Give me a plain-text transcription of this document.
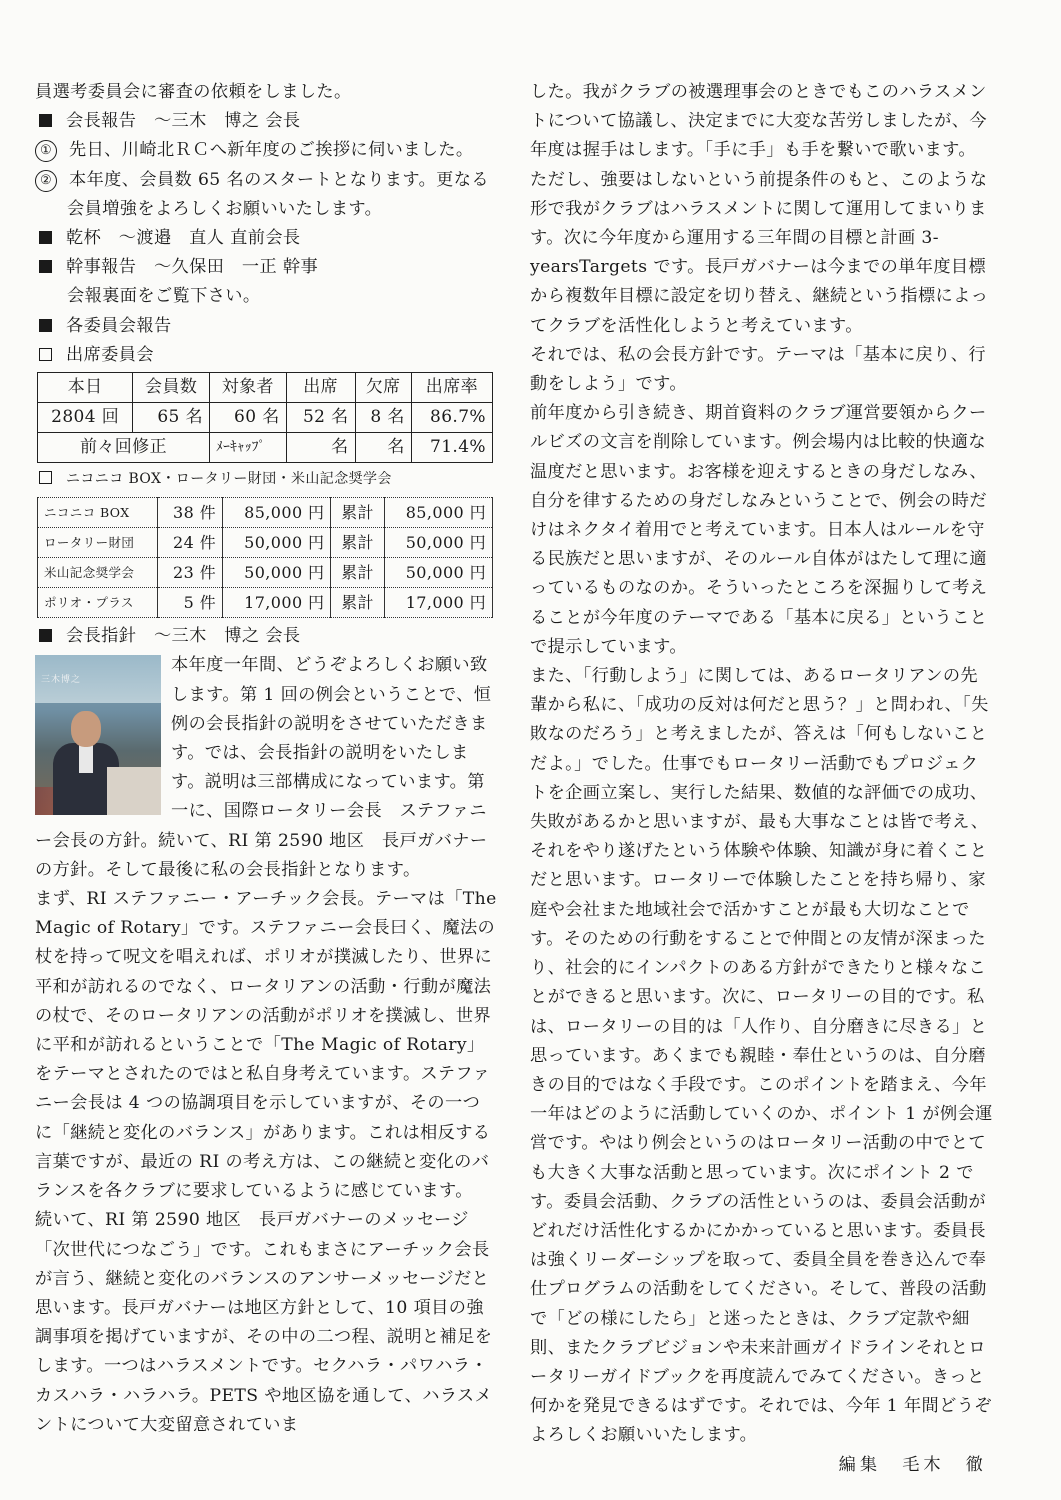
員選考委員会に審査の依頼をしました。

会長報告　～三木　博之 会長

① 先日、川崎北ＲＣへ新年度のご挨拶に伺いました。

② 本年度、会員数 65 名のスタートとなります。更なる会員増強をよろしくお願いいたします。

乾杯　～渡邉　直人 直前会長

幹事報告　～久保田　一正 幹事

会報裏面をご覧下さい。

各委員会報告

出席委員会

本日	会員数	対象者	出席	欠席	出席率
2804 回	65 名	60 名	52 名	8 名	86.7%
前々回修正		ﾒｰｷｬｯﾌﾟ	名	名	71.4%

ニコニコ BOX・ロータリー財団・米山記念奨学会

ニコニコ BOX	38 件	85,000 円	累計	85,000 円
ロータリー財団	24 件	50,000 円	累計	50,000 円
米山記念奨学会	23 件	50,000 円	累計	50,000 円
ポリオ・プラス	5 件	17,000 円	累計	17,000 円

会長指針　～三木　博之 会長

三木博之

本年度一年間、どうぞよろしくお願い致します。第 1 回の例会ということで、恒例の会長指針の説明をさせていただきます。では、会長指針の説明をいたします。説明は三部構成になっています。第一に、国際ロータリー会長　ステファニー会長の方針。続いて、RI 第 2590 地区　長戸ガバナーの方針。そして最後に私の会長指針となります。

まず、RI ステファニー・アーチック会長。テーマは「The Magic of Rotary」です。ステファニー会長曰く、魔法の杖を持って呪文を唱えれば、ポリオが撲滅したり、世界に平和が訪れるのでなく、ロータリアンの活動・行動が魔法の杖で、そのロータリアンの活動がポリオを撲滅し、世界に平和が訪れるということで「The Magic of Rotary」をテーマとされたのではと私自身考えています。ステファニー会長は 4 つの協調項目を示していますが、その一つに「継続と変化のバランス」があります。これは相反する言葉ですが、最近の RI の考え方は、この継続と変化のバランスを各クラブに要求しているように感じています。

続いて、RI 第 2590 地区　長戸ガバナーのメッセージ「次世代につなごう」です。これもまさにアーチック会長が言う、継続と変化のバランスのアンサーメッセージだと思います。長戸ガバナーは地区方針として、10 項目の強調事項を掲げていますが、その中の二つ程、説明と補足をします。一つはハラスメントです。セクハラ・パワハラ・カスハラ・ハラハラ。PETS や地区協を通して、ハラスメントについて大変留意されていま

した。我がクラブの被選理事会のときでもこのハラスメントについて協議し、決定までに大変な苦労しましたが、今年度は握手はします。「手に手」も手を繋いで歌います。ただし、強要はしないという前提条件のもと、このような形で我がクラブはハラスメントに関して運用してまいります。次に今年度から運用する三年間の目標と計画 3-yearsTargets です。長戸ガバナーは今までの単年度目標から複数年目標に設定を切り替え、継続という指標によってクラブを活性化しようと考えています。

それでは、私の会長方針です。テーマは「基本に戻り、行動をしよう」です。

前年度から引き続き、期首資料のクラブ運営要領からクールビズの文言を削除しています。例会場内は比較的快適な温度だと思います。お客様を迎えするときの身だしなみ、自分を律するための身だしなみということで、例会の時だけはネクタイ着用でと考えています。日本人はルールを守る民族だと思いますが、そのルール自体がはたして理に適っているものなのか。そういったところを深掘りして考えることが今年度のテーマである「基本に戻る」ということで提示しています。

また、「行動しよう」に関しては、あるロータリアンの先輩から私に、「成功の反対は何だと思う？」と問われ、「失敗なのだろう」と考えましたが、答えは「何もしないことだよ。」でした。仕事でもロータリー活動でもプロジェクトを企画立案し、実行した結果、数値的な評価での成功、失敗があるかと思いますが、最も大事なことは皆で考え、それをやり遂げたという体験や体験、知識が身に着くことだと思います。ロータリーで体験したことを持ち帰り、家庭や会社また地域社会で活かすことが最も大切なことです。そのための行動をすることで仲間との友情が深まったり、社会的にインパクトのある方針ができたりと様々なことができると思います。次に、ロータリーの目的です。私は、ロータリーの目的は「人作り、自分磨きに尽きる」と思っています。あくまでも親睦・奉仕というのは、自分磨きの目的ではなく手段です。このポイントを踏まえ、今年一年はどのように活動していくのか、ポイント 1 が例会運営です。やはり例会というのはロータリー活動の中でとても大きく大事な活動と思っています。次にポイント 2 です。委員会活動、クラブの活性というのは、委員会活動がどれだけ活性化するかにかかっていると思います。委員長は強くリーダーシップを取って、委員全員を巻き込んで奉仕プログラムの活動をしてください。そして、普段の活動で「どの様にしたら」と迷ったときは、クラブ定款や細則、またクラブビジョンや未来計画ガイドラインそれとロータリーガイドブックを再度読んでみてください。きっと何かを発見できるはずです。それでは、今年 1 年間どうぞよろしくお願いいたします。

編集　毛木　徹
